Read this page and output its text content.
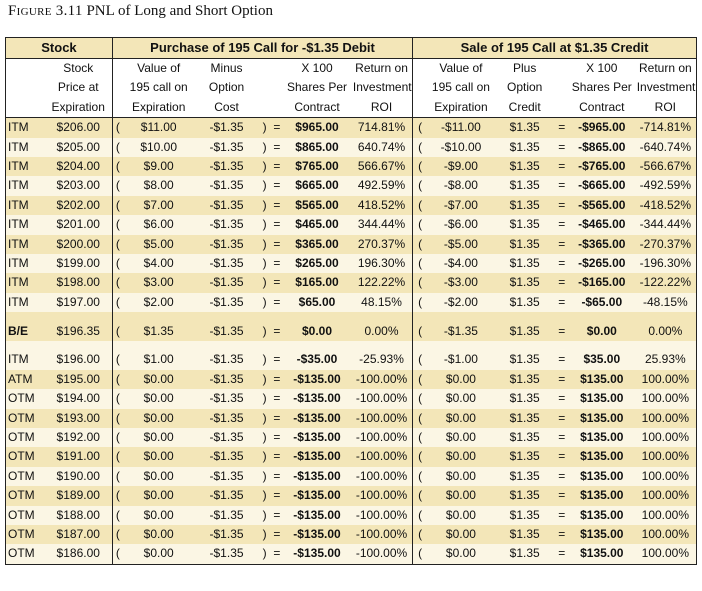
Figure 3.11 PNL of Long and Short Option
Stock		Purchase of 195 Call for -$1.35 Debit							Sale of 195 Call at $1.35 Credit					
	Stock		Value of	Minus			X 100	Return on		Value of	Plus		X 100	Return on
	Price at		195 call on	Option			Shares Per	Investment		195 call on	Option		Shares Per	Investment
	Expiration		Expiration	Cost			Contract	ROI		Expiration	Credit		Contract	ROI
ITM	$206.00	(	$11.00	-$1.35	)	=	$965.00	714.81%	(	-$11.00	$1.35	=	-$965.00	-714.81%
ITM	$205.00	(	$10.00	-$1.35	)	=	$865.00	640.74%	(	-$10.00	$1.35	=	-$865.00	-640.74%
ITM	$204.00	(	$9.00	-$1.35	)	=	$765.00	566.67%	(	-$9.00	$1.35	=	-$765.00	-566.67%
ITM	$203.00	(	$8.00	-$1.35	)	=	$665.00	492.59%	(	-$8.00	$1.35	=	-$665.00	-492.59%
ITM	$202.00	(	$7.00	-$1.35	)	=	$565.00	418.52%	(	-$7.00	$1.35	=	-$565.00	-418.52%
ITM	$201.00	(	$6.00	-$1.35	)	=	$465.00	344.44%	(	-$6.00	$1.35	=	-$465.00	-344.44%
ITM	$200.00	(	$5.00	-$1.35	)	=	$365.00	270.37%	(	-$5.00	$1.35	=	-$365.00	-270.37%
ITM	$199.00	(	$4.00	-$1.35	)	=	$265.00	196.30%	(	-$4.00	$1.35	=	-$265.00	-196.30%
ITM	$198.00	(	$3.00	-$1.35	)	=	$165.00	122.22%	(	-$3.00	$1.35	=	-$165.00	-122.22%
ITM	$197.00	(	$2.00	-$1.35	)	=	$65.00	48.15%	(	-$2.00	$1.35	=	-$65.00	-48.15%

B/E	$196.35	(	$1.35	-$1.35	)	=	$0.00	0.00%	(	-$1.35	$1.35	=	$0.00	0.00%

ITM	$196.00	(	$1.00	-$1.35	)	=	-$35.00	-25.93%	(	-$1.00	$1.35	=	$35.00	25.93%
ATM	$195.00	(	$0.00	-$1.35	)	=	-$135.00	-100.00%	(	$0.00	$1.35	=	$135.00	100.00%
OTM	$194.00	(	$0.00	-$1.35	)	=	-$135.00	-100.00%	(	$0.00	$1.35	=	$135.00	100.00%
OTM	$193.00	(	$0.00	-$1.35	)	=	-$135.00	-100.00%	(	$0.00	$1.35	=	$135.00	100.00%
OTM	$192.00	(	$0.00	-$1.35	)	=	-$135.00	-100.00%	(	$0.00	$1.35	=	$135.00	100.00%
OTM	$191.00	(	$0.00	-$1.35	)	=	-$135.00	-100.00%	(	$0.00	$1.35	=	$135.00	100.00%
OTM	$190.00	(	$0.00	-$1.35	)	=	-$135.00	-100.00%	(	$0.00	$1.35	=	$135.00	100.00%
OTM	$189.00	(	$0.00	-$1.35	)	=	-$135.00	-100.00%	(	$0.00	$1.35	=	$135.00	100.00%
OTM	$188.00	(	$0.00	-$1.35	)	=	-$135.00	-100.00%	(	$0.00	$1.35	=	$135.00	100.00%
OTM	$187.00	(	$0.00	-$1.35	)	=	-$135.00	-100.00%	(	$0.00	$1.35	=	$135.00	100.00%
OTM	$186.00	(	$0.00	-$1.35	)	=	-$135.00	-100.00%	(	$0.00	$1.35	=	$135.00	100.00%
